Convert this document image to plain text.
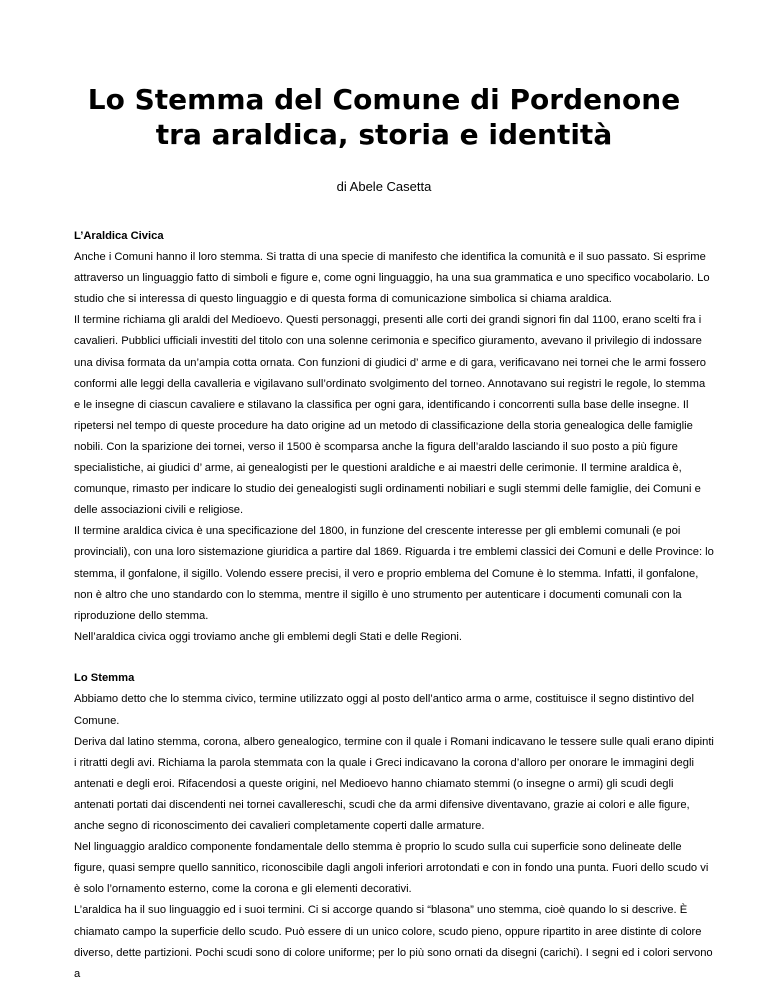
Lo Stemma del Comune di Pordenone
tra araldica, storia e identità
di Abele Casetta

L’Araldica Civica

Anche i Comuni hanno il loro stemma. Si tratta di una specie di manifesto che identifica la comunità e il suo passato. Si esprime attraverso un linguaggio fatto di simboli e figure e, come ogni linguaggio, ha una sua grammatica e uno specifico vocabolario. Lo studio che si interessa di questo linguaggio e di questa forma di comunicazione simbolica si chiama araldica.

Il termine richiama gli araldi del Medioevo. Questi personaggi, presenti alle corti dei grandi signori fin dal 1100, erano scelti fra i cavalieri. Pubblici ufficiali investiti del titolo con una solenne cerimonia e specifico giuramento, avevano il privilegio di indossare una divisa formata da un’ampia cotta ornata. Con funzioni di giudici d’ arme e di gara, verificavano nei tornei che le armi fossero conformi alle leggi della cavalleria e vigilavano sull’ordinato svolgimento del torneo. Annotavano sui registri le regole, lo stemma e le insegne di ciascun cavaliere e stilavano la classifica per ogni gara, identificando i concorrenti sulla base delle insegne. Il ripetersi nel tempo di queste procedure ha dato origine ad un metodo di classificazione della storia genealogica delle famiglie nobili. Con la sparizione dei tornei, verso il 1500 è scomparsa anche la figura dell’araldo lasciando il suo posto a più figure specialistiche, ai giudici d’ arme, ai genealogisti per le questioni araldiche e ai maestri delle cerimonie. Il termine araldica è, comunque, rimasto per indicare lo studio dei genealogisti sugli ordinamenti nobiliari e sugli stemmi delle famiglie, dei Comuni e delle associazioni civili e religiose.

Il termine araldica civica è una specificazione del 1800, in funzione del crescente interesse per gli emblemi comunali (e poi provinciali), con una loro sistemazione giuridica a partire dal 1869. Riguarda i tre emblemi classici dei Comuni e delle Province: lo stemma, il gonfalone, il sigillo. Volendo essere precisi, il vero e proprio emblema del Comune è lo stemma. Infatti, il gonfalone, non è altro che uno standardo con lo stemma, mentre il sigillo è uno strumento per autenticare i documenti comunali con la riproduzione dello stemma.

Nell’araldica civica oggi troviamo anche gli emblemi degli Stati e delle Regioni.

Lo Stemma

Abbiamo detto che lo stemma civico, termine utilizzato oggi al posto dell’antico arma o arme, costituisce il segno distintivo del Comune.

Deriva dal latino stemma, corona, albero genealogico, termine con il quale i Romani indicavano le tessere sulle quali erano dipinti i ritratti degli avi. Richiama la parola stemmata con la quale i Greci indicavano la corona d’alloro per onorare le immagini degli antenati e degli eroi. Rifacendosi a queste origini, nel Medioevo hanno chiamato stemmi (o insegne o armi) gli scudi degli antenati portati dai discendenti nei tornei cavallereschi, scudi che da armi difensive diventavano, grazie ai colori e alle figure, anche segno di riconoscimento dei cavalieri completamente coperti dalle armature.

Nel linguaggio araldico componente fondamentale dello stemma è proprio lo scudo sulla cui superficie sono delineate delle figure, quasi sempre quello sannitico, riconoscibile dagli angoli inferiori arrotondati e con in fondo una punta. Fuori dello scudo vi è solo l’ornamento esterno, come la corona e gli elementi decorativi.

L’araldica ha il suo linguaggio ed i suoi termini. Ci si accorge quando si “blasona” uno stemma, cioè quando lo si descrive. È chiamato campo la superficie dello scudo. Può essere di un unico colore, scudo pieno, oppure ripartito in aree distinte di colore diverso, dette partizioni. Pochi scudi sono di colore uniforme; per lo più sono ornati da disegni (carichi). I segni ed i colori servono a
